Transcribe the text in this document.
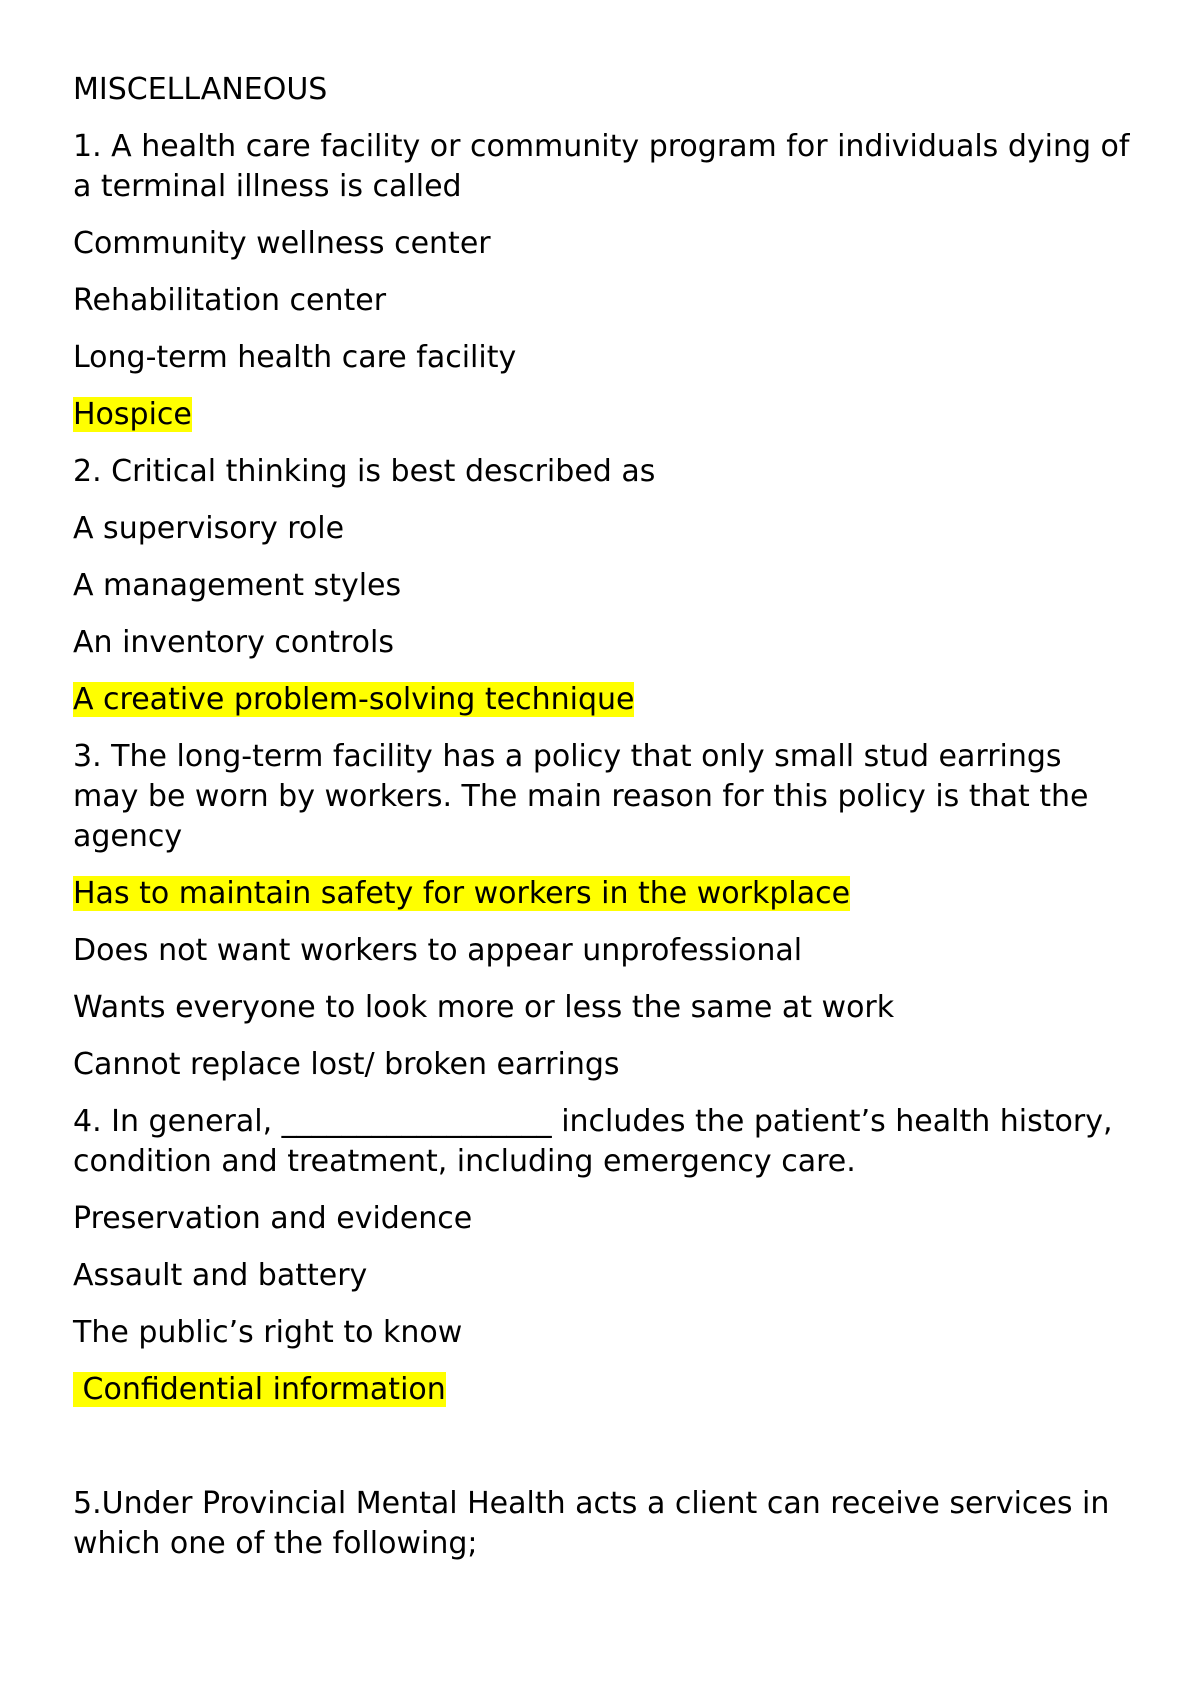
MISCELLANEOUS

1. A health care facility or community program for individuals dying of a terminal illness is called

Community wellness center

Rehabilitation center

Long-term health care facility

Hospice

2. Critical thinking is best described as

A supervisory role

A management styles

An inventory controls

A creative problem-solving technique

3. The long-term facility has a policy that only small stud earrings may be worn by workers. The main reason for this policy is that the agency

Has to maintain safety for workers in the workplace

Does not want workers to appear unprofessional

Wants everyone to look more or less the same at work

Cannot replace lost/ broken earrings

4. In general, __________________ includes the patient’s health history, condition and treatment, including emergency care.

Preservation and evidence

Assault and battery

The public’s right to know

Confidential information

5.Under Provincial Mental Health acts a client can receive services in which one of the following;
